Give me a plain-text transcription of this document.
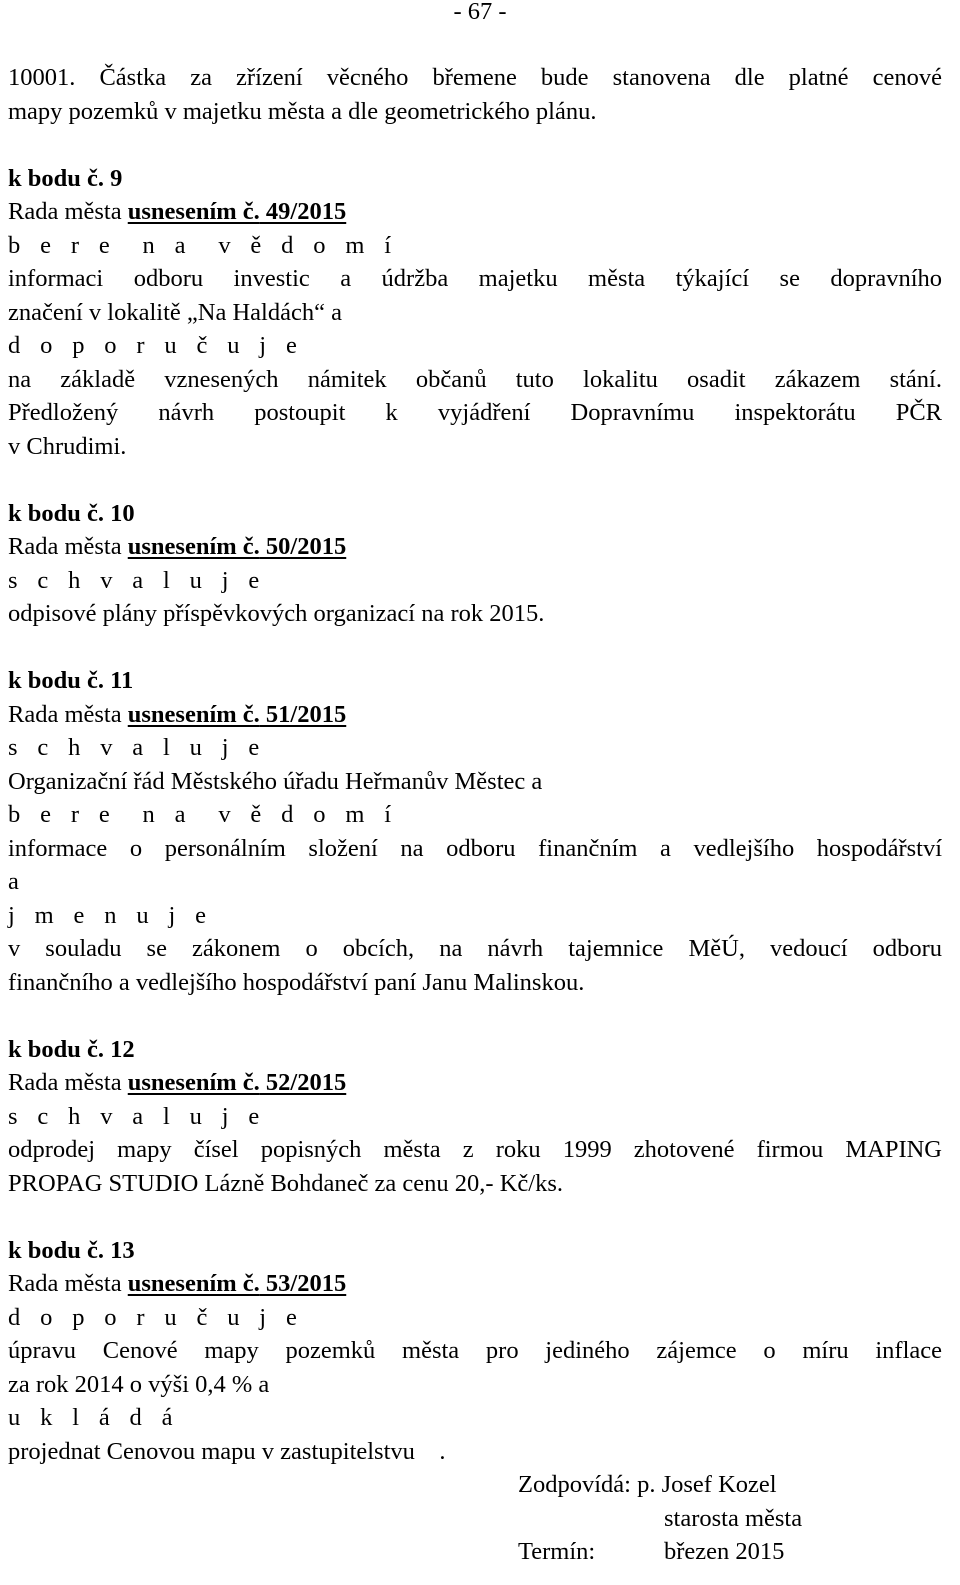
- 67 -
10001. Částka za zřízení věcného břemene bude stanovena dle platné cenové
mapy pozemků v majetku města a dle geometrického plánu.
k bodu č. 9
Rada města usnesením č. 49/2015
b e r e  n a  v ě d o m í
informaci odboru investic a údržba majetku města týkající se dopravního
značení v lokalitě „Na Haldách“ a
d o p o r u č u j e
na základě vznesených námitek občanů tuto lokalitu osadit zákazem stání.
Předložený návrh postoupit k vyjádření Dopravnímu inspektorátu PČR
v Chrudimi.
k bodu č. 10
Rada města usnesením č. 50/2015
s c h v a l u j e
odpisové plány příspěvkových organizací na rok 2015.
k bodu č. 11
Rada města usnesením č. 51/2015
s c h v a l u j e
Organizační řád Městského úřadu Heřmanův Městec a
b e r e  n a  v ě d o m í
informace o personálním složení na odboru finančním a vedlejšího hospodářství
a
j m e n u j e
v souladu se zákonem o obcích, na návrh tajemnice MěÚ, vedoucí odboru
finančního a vedlejšího hospodářství paní Janu Malinskou.
k bodu č. 12
Rada města usnesením č. 52/2015
s c h v a l u j e
odprodej mapy čísel popisných města z roku 1999 zhotovené firmou MAPING
PROPAG STUDIO Lázně Bohdaneč za cenu 20,- Kč/ks.
k bodu č. 13
Rada města usnesením č. 53/2015
d o p o r u č u j e
úpravu Cenové mapy pozemků města pro jediného zájemce o míru inflace
za rok 2014 o výši 0,4 % a
u k l á d á
projednat Cenovou mapu v zastupitelstvu    .
Zodpovídá: p. Josef Kozel
starosta města
Termín:	březen 2015
